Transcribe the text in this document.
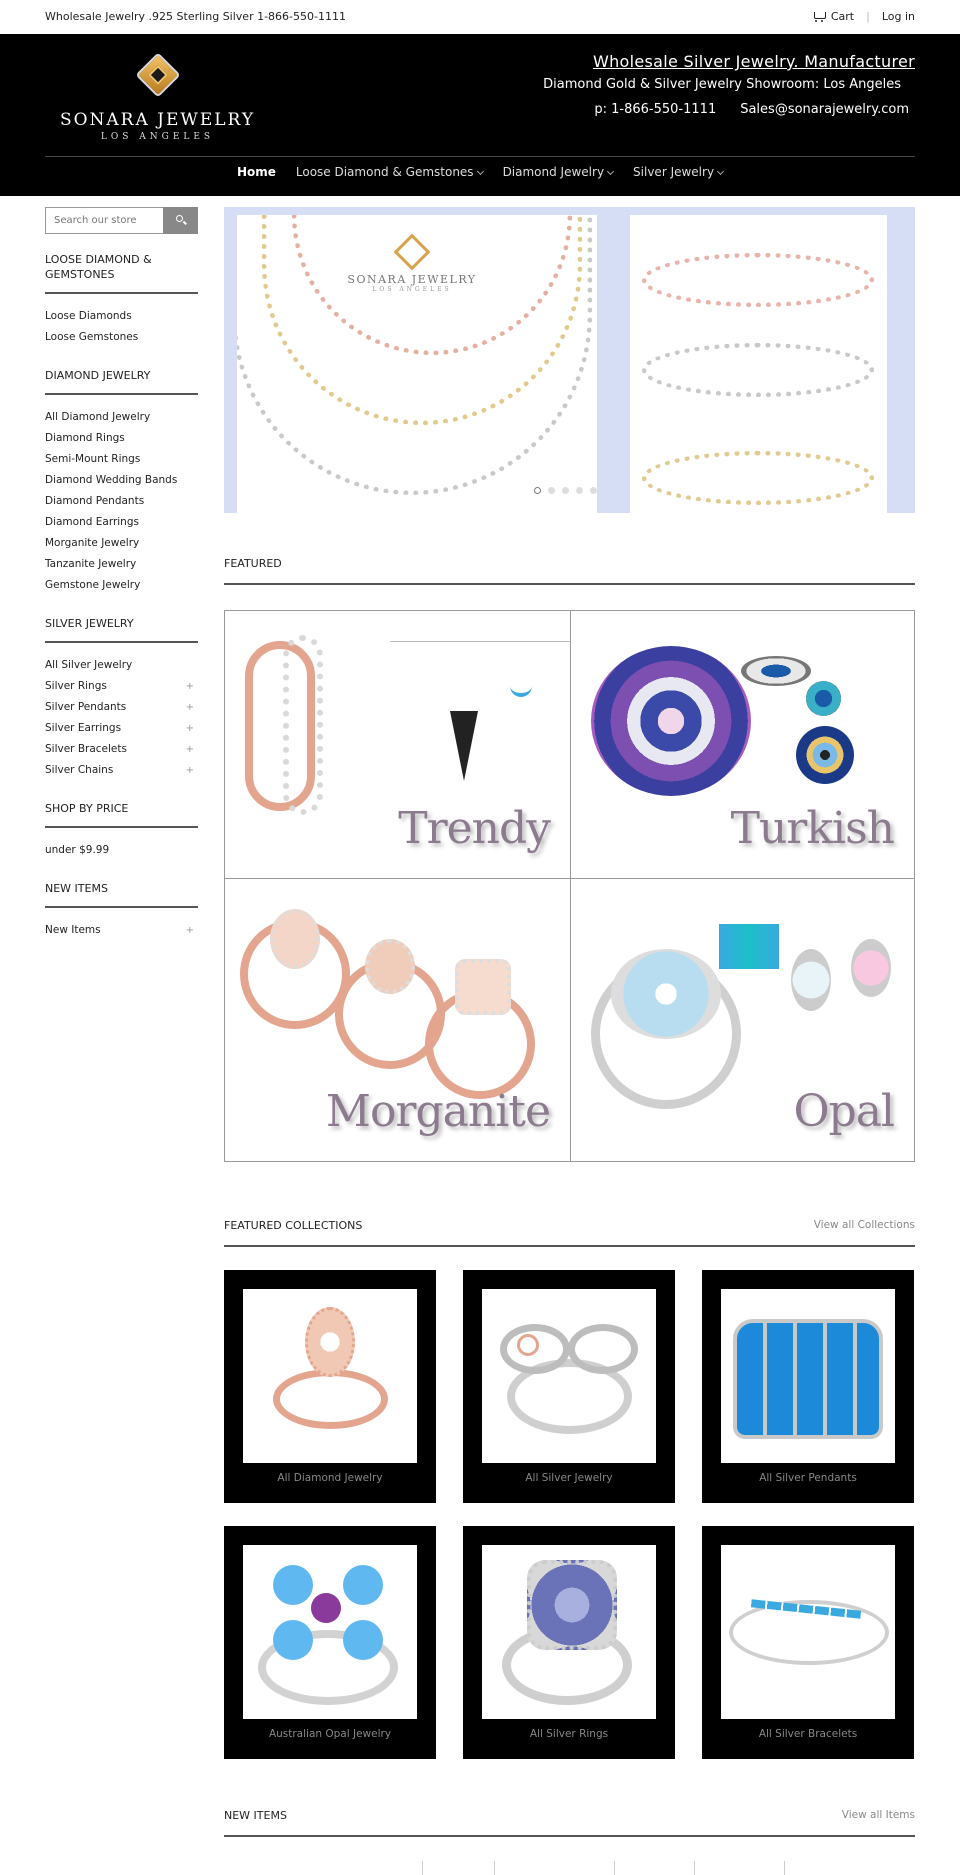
Wholesale Jewelry .925 Sterling Silver 1-866-550-1111	Cart | Log in
SONARA JEWELRY
LOS ANGELES
Wholesale Silver Jewelry. Manufacturer
Diamond Gold & Silver Jewelry Showroom: Los Angeles
p: 1-866-550-1111 Sales@sonarajewelry.com
Home Loose Diamond & Gemstones Diamond Jewelry Silver Jewelry
Search our store
LOOSE DIAMOND & GEMSTONES
Loose Diamonds
Loose Gemstones
DIAMOND JEWELRY
All Diamond Jewelry
Diamond Rings
Semi-Mount Rings
Diamond Wedding Bands
Diamond Pendants
Diamond Earrings
Morganite Jewelry
Tanzanite Jewelry
Gemstone Jewelry
SILVER JEWELRY
All Silver Jewelry
Silver Rings	+
Silver Pendants	+
Silver Earrings	+
Silver Bracelets	+
Silver Chains	+
SHOP BY PRICE
under $9.99
NEW ITEMS
New Items	+
SONARA JEWELRY
LOS ANGELES
FEATURED
Trendy	Turkish
Morganite	Opal
FEATURED COLLECTIONS	View all Collections
All Diamond Jewelry	All Silver Jewelry	All Silver Pendants
Australian Opal Jewelry	All Silver Rings	All Silver Bracelets
NEW ITEMS	View all Items
